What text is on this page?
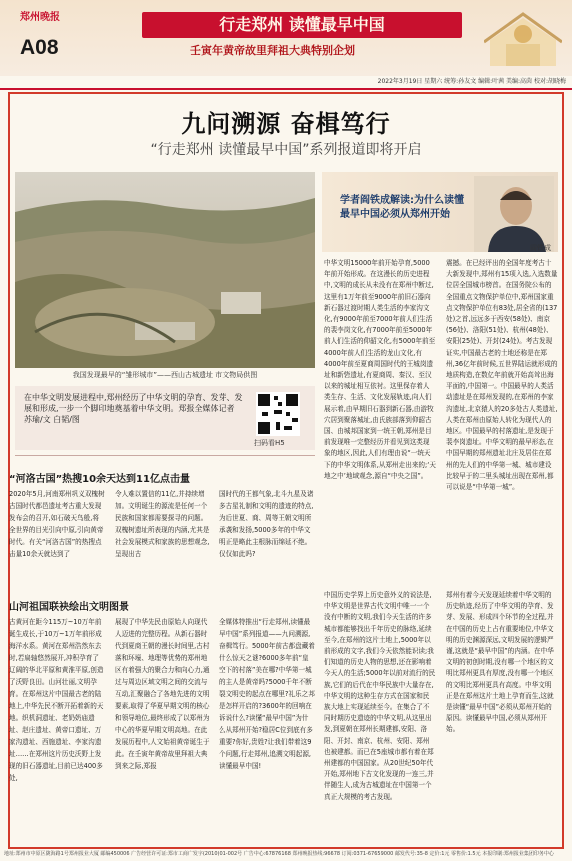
郑州晚报
A08
行走郑州 读懂最早中国
壬寅年黄帝故里拜祖大典特别企划
2022年3月19日 星期六 统筹:孙友文 编辑:叶茜 美编:高茵 校对:胡晓梅
九问溯源 奋楫笃行
“行走郑州 读懂最早中国”系列报道即将开启
我国发现最早的“雏形城市”——西山古城遗址 市文物局供图
学者阎铁成解读:为什么读懂最早中国必须从郑州开始
阎铁成
在中华文明发展进程中,郑州经历了中华文明的孕育、发芽、发展和形成,一步一个脚印地奠基着中华文明。郑报全媒体记者 苏瑜/文 白韬/图
扫码看H5
“河洛古国”热搜10余天达到11亿点击量
2020年5月,河南郑州巩义双槐树古国时代都邑遗址考古重大发现发布会的召开,如石破天鸟般,将全世界的目光引向中原,引向黄帝时代。有关“河洛古国”的热搜点击量10余天就达到了
令人难以置信的11亿,并持续增加。文明诞生的源流是任何一个民族和国家都需要探寻的问题。双槐树遗址所表现的内涵,尤其是社会发展模式和家族的思想观念,呈现出古
国时代的王都气象,北斗九星及诸多古星礼制和文明的遗迹的特点,为后世夏、商、周等王朝文明所承袭和发扬,5000多年的中华文明正是略此主根脉而绵延不绝。仅仅如此吗?
山河祖国联袂绘出文明图景
古黄河在距今115万~10万年前诞生成长,于10万~1万年前形成海洋水系。黄河在郑州浩然东去时,若扁轴悠然展开,冲积孕育了辽阔的华北平原和黄淮平原,创造了沃野良田。山河壮丽,文明孕育。在郑州这片中国最古老的陆地上,中华先民不断开拓着新的天地。织机洞遗址、老奶奶庙遗址、赵庄遗址、黄帝口遗址、万家沟遗址、西施遗址、李家沟遗址……在郑州这片历史沃野上发现的旧石器遗址,目前已达400多处,
展现了中华先民由原始人向现代人迈进的完整历程。从新石器时代到夏商王朝的漫长时间里,古村落和环壕、地理等优势的郑州地区有着强大的聚合力和向心力,通过与周边区域文明之间的交流与互动,汇聚融合了各地先进的文明要素,取得了华夏早期文明的核心和领导地位,最终形成了以郑州为中心的华夏早期文明高地。在此发展历程中,人文始祖黄帝诞生于此。在壬寅年黄帝故里拜祖大典到来之际,郑报
全媒体特推出“行走郑州,读懂最早中国”系列报道——九问溯源,奋楫笃行。5000年前古都盘藏着什么惊天之谜?6000多年前“皇空下的村落”美在哪?中华第一城的主人是黄帝吗?5000千年不断裂文明史的起点在哪里?礼乐之邦是怎样开启的?3600年的回响在诉说什么?读懂“最早中国”为什么从郑州开始?稳居C位到底有多重要?你好,贵姓?让我们带着这9个问题,行走郑州,追溯文明起源,读懂最早中国!
中华文明15000年前开始孕育,5000年前开始形成。在这漫长的历史进程中,文明的成长从未没有在郑州中断过,这里有1万年前至9000年前旧石器向新石器过渡时期人类生活的李家沟文化,有9000年前至7000年前人们生活的裴李岗文化,有7000年前至5000年前人们生活的仰韶文化,有5000年前至4000年前人们生活的龙山文化,有4000年前至夏商周国时代的王城岗遗址和新砦遗址,有夏商周、秦汉、至汉以来的城址相互依衬。这里保存着人类生存、生活、文化发展轨迹,向人们展示着,由早期旧石器到新石器,由游牧穴居到聚落城址,由氏族部落到仰韶古国、由城邦国家到一统王朝,郑州是目前发现唯一完整经历并看见到这类现象的地区,因此,人们有理由说“一统天下的中华文明体系,从郑州走出来的;‘天地之中’地域观念,源自“中央之国”。
震撼。在已经评出的全国年度考古十大新发现中,郑州有15项入选,入选数量位居全国城市榜首。在国务院公布的全国重点文物保护单位中,郑州国家重点文物保护单位有83处,居全省的(137处)之首,远远多于西安(58处)、南京(56处)、洛阳(51处)、杭州(48处)、安阳(25处)、开封(24处)。考古发现证实,中国最古老的土地还称是在郑州,36亿年前时候,五世界陆运就形成的地质构造,在数亿年前就开始高耸出海平面的,中国第一。中国最早的人类活动遗址是在郑州发现的,在郑州的李家沟遗址,北京猿人的20多处古人类遗址,人类在郑州由原始人转化为现代人的地区。中国最早的村落遗址,是发现于裴李岗遗址。中华文明的最早形态,在中国早期的郑州遗址北庄及居住在郑州的先人们的中华第一城、城市建设比较早于的二里头城址出现在郑州,都可以说是“中华第一城”。
中国历史学界上历史意外义的说法是,中华文明是世界古代文明中唯一一个没有中断的文明,我们今天生活的许多城市都能够找出千年历史的脉络,延续至今,在郑州的这片土地上,5000年以前形成的文字,我们今天依然能识读;我们知道的历史人物的思想,还在影响着今天人的生活;5000年以前对流行的民族,它们的后代在中华民族中大量存在,中华文明的这种生存方式在国家和民族大地上实现延续至今。在集合了不同时期历史遗迹的中华文明,从这里出发,到夏朝在郑州长期建都,安阳、洛阳、开封、南京、杭州、安阳、郑州也被建都。而已在5座城市都有着在郑州建都的中国国家。从20世纪50年代开始,郑州地下古文化发现的一连三,并伴随生人,成为古城遗址在中国第一个真正大规模的考古发现。
郑州有着今天发现延续着中华文明的历史轨迹,经历了中华文明的孕育、发芽、发展、形成四个环节的全过程,并在中国的历史上占有重要地位,中华文明的历史渊源深远,文明发展的逻辑严谨,这就是“最早中国”的内涵。在中华文明的初创时期,没有哪一个地区的文明比郑州更具有厚度,没有哪一个地区的文明比郑州更具有高度。中华文明正是在郑州这片土地上孕育而生,这就是读懂“最早中国”必须从郑州开始的原因。读懂最早中国,必须从郑州开始。
地址:郑州市中原区陇海路1号郑州报业大厦 邮编450006 广告经营许可证:郑市工商广发字(2010)01-002号 广告中心:67876168 郑州晚报热线:96678 订阅:0371-67659000 邮发代号:35-8 定价:1元 零售价:1.5元 本报印刷:郑州报业集团印务中心
